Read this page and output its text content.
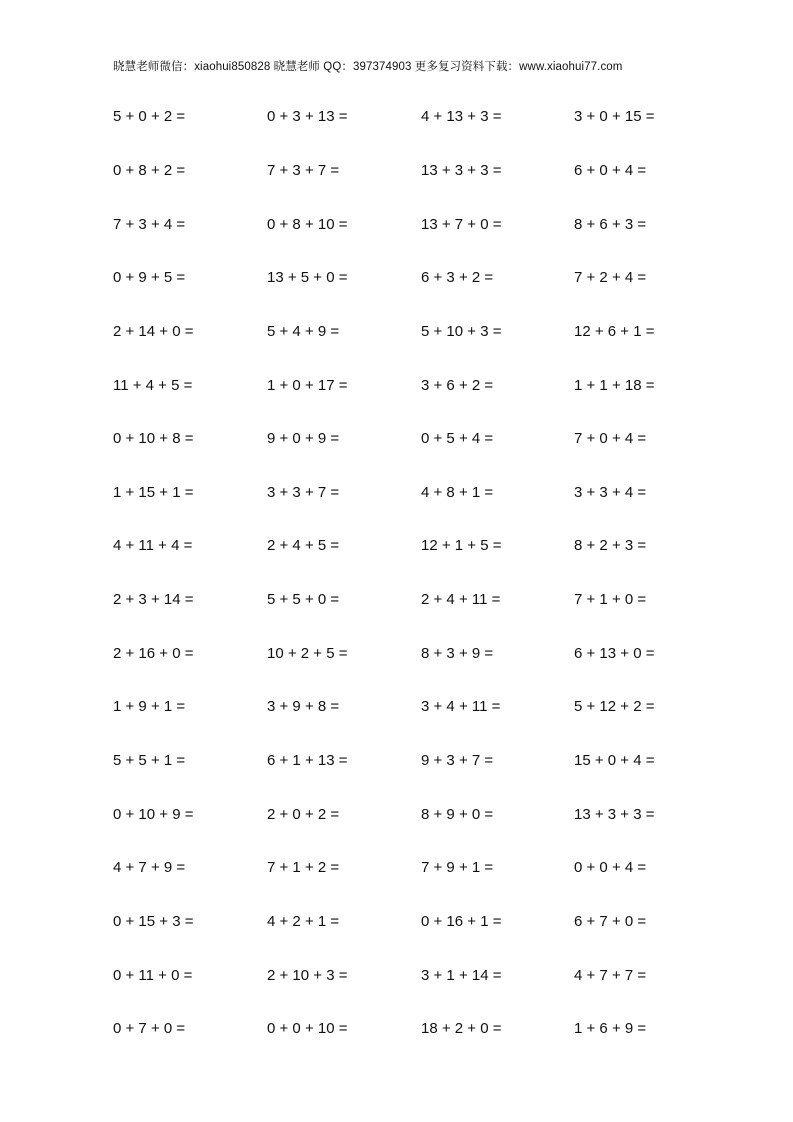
晓慧老师微信：xiaohui850828 晓慧老师 QQ：397374903 更多复习资料下载：www.xiaohui77.com
5 + 0 + 2 =	0 + 3 + 13 =	4 + 13 + 3 =	3 + 0 + 15 =
0 + 8 + 2 =	7 + 3 + 7 =	13 + 3 + 3 =	6 + 0 + 4 =
7 + 3 + 4 =	0 + 8 + 10 =	13 + 7 + 0 =	8 + 6 + 3 =
0 + 9 + 5 =	13 + 5 + 0 =	6 + 3 + 2 =	7 + 2 + 4 =
2 + 14 + 0 =	5 + 4 + 9 =	5 + 10 + 3 =	12 + 6 + 1 =
11 + 4 + 5 =	1 + 0 + 17 =	3 + 6 + 2 =	1 + 1 + 18 =
0 + 10 + 8 =	9 + 0 + 9 =	0 + 5 + 4 =	7 + 0 + 4 =
1 + 15 + 1 =	3 + 3 + 7 =	4 + 8 + 1 =	3 + 3 + 4 =
4 + 11 + 4 =	2 + 4 + 5 =	12 + 1 + 5 =	8 + 2 + 3 =
2 + 3 + 14 =	5 + 5 + 0 =	2 + 4 + 11 =	7 + 1 + 0 =
2 + 16 + 0 =	10 + 2 + 5 =	8 + 3 + 9 =	6 + 13 + 0 =
1 + 9 + 1 =	3 + 9 + 8 =	3 + 4 + 11 =	5 + 12 + 2 =
5 + 5 + 1 =	6 + 1 + 13 =	9 + 3 + 7 =	15 + 0 + 4 =
0 + 10 + 9 =	2 + 0 + 2 =	8 + 9 + 0 =	13 + 3 + 3 =
4 + 7 + 9 =	7 + 1 + 2 =	7 + 9 + 1 =	0 + 0 + 4 =
0 + 15 + 3 =	4 + 2 + 1 =	0 + 16 + 1 =	6 + 7 + 0 =
0 + 11 + 0 =	2 + 10 + 3 =	3 + 1 + 14 =	4 + 7 + 7 =
0 + 7 + 0 =	0 + 0 + 10 =	18 + 2 + 0 =	1 + 6 + 9 =
